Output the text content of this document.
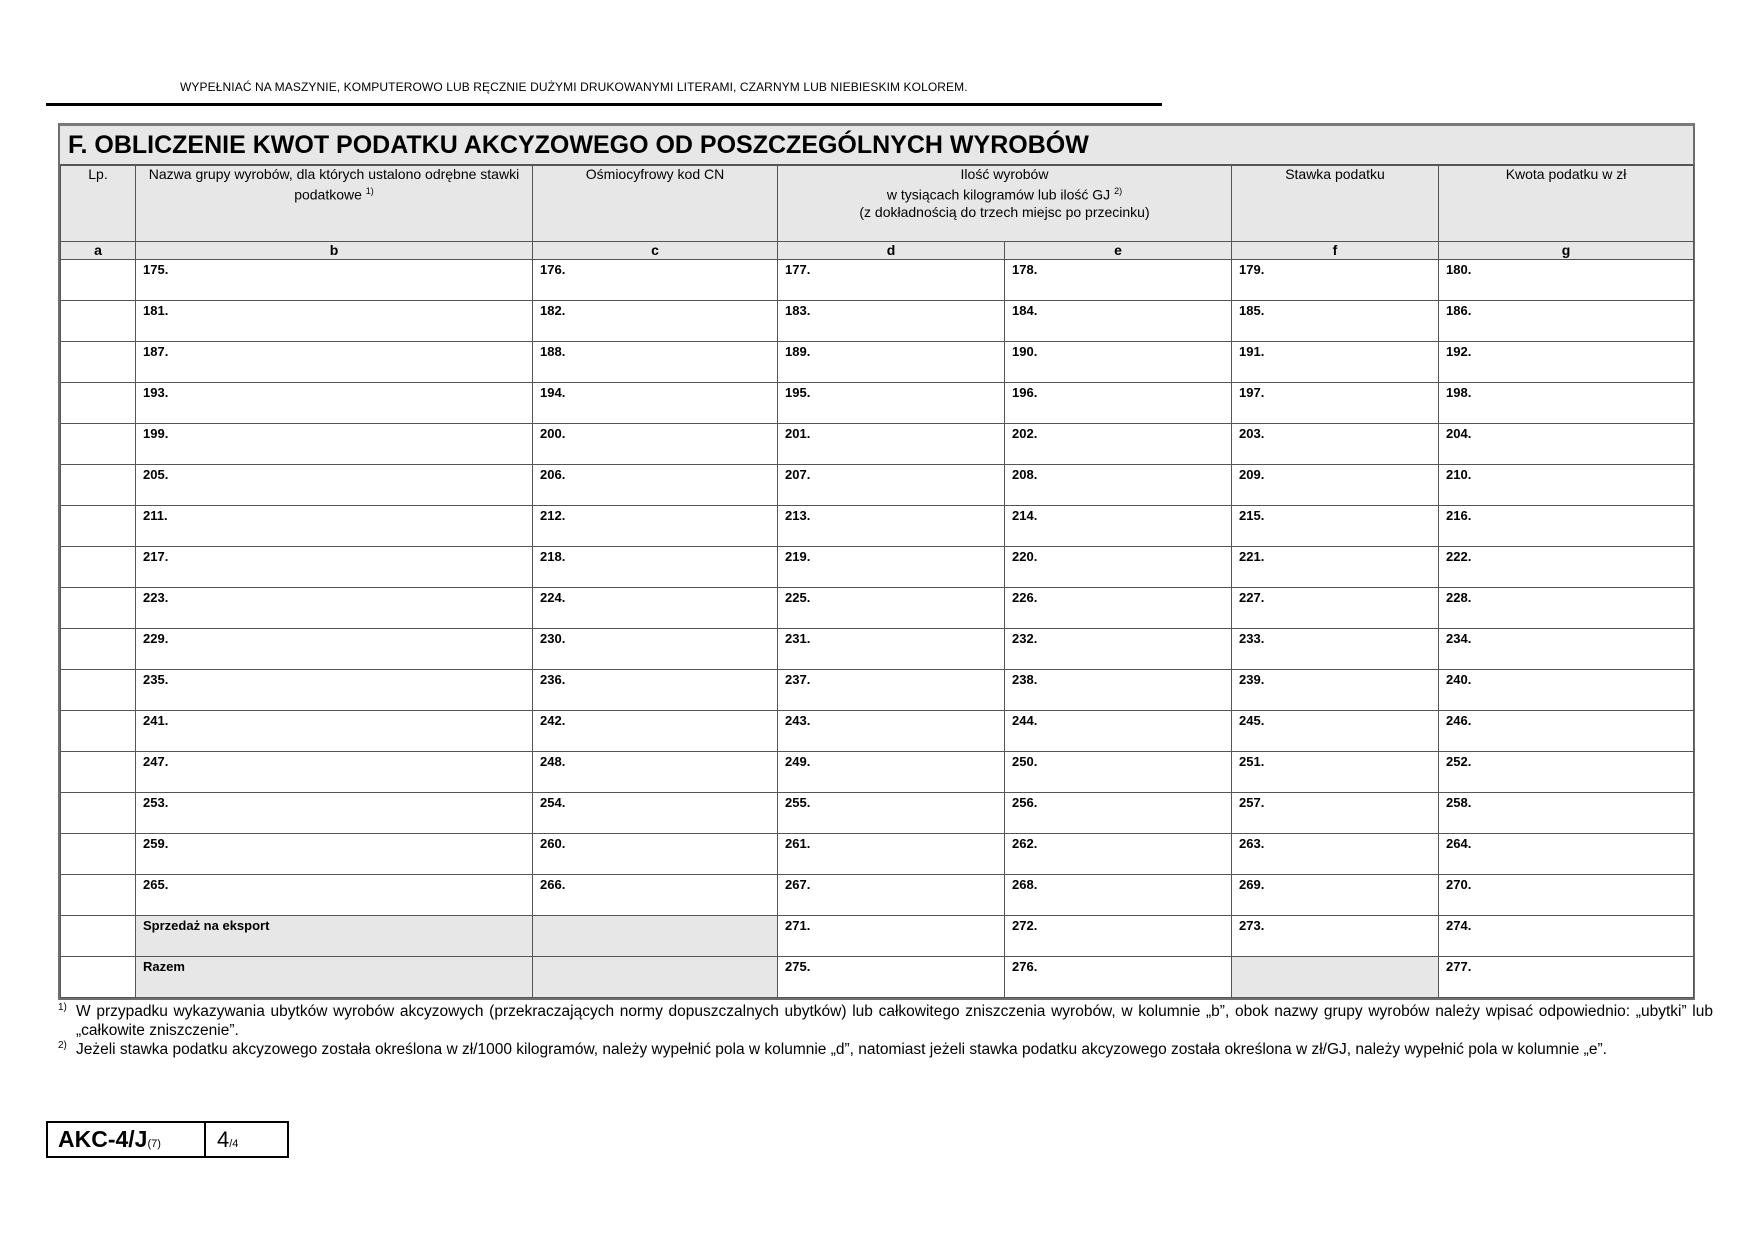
WYPEŁNIAĆ NA MASZYNIE, KOMPUTEROWO LUB RĘCZNIE DUŻYMI DRUKOWANYMI LITERAMI, CZARNYM LUB NIEBIESKIM KOLOREM.
F. OBLICZENIE KWOT PODATKU AKCYZOWEGO OD POSZCZEGÓLNYCH WYROBÓW
Lp.	Nazwa grupy wyrobów, dla których ustalono odrębne stawki podatkowe $^{1)}$	Ośmiocyfrowy kod CN	Ilość wyrobów
w tysiącach kilogramów lub ilość GJ $^{2)}$
(z dokładnością do trzech miejsc po przecinku)		Stawka podatku	Kwota podatku w zł
a	b	c	d	e	f	g

	175.	176.	177.	178.	179.	180.

	181.	182.	183.	184.	185.	186.

	187.	188.	189.	190.	191.	192.

	193.	194.	195.	196.	197.	198.

	199.	200.	201.	202.	203.	204.

	205.	206.	207.	208.	209.	210.

	211.	212.	213.	214.	215.	216.

	217.	218.	219.	220.	221.	222.

	223.	224.	225.	226.	227.	228.

	229.	230.	231.	232.	233.	234.

	235.	236.	237.	238.	239.	240.

	241.	242.	243.	244.	245.	246.

	247.	248.	249.	250.	251.	252.

	253.	254.	255.	256.	257.	258.

	259.	260.	261.	262.	263.	264.

	265.	266.	267.	268.	269.	270.

	Sprzedaż na eksport		271.	272.	273.	274.

	Razem		275.	276.		277.
1) W przypadku wykazywania ubytków wyrobów akcyzowych (przekraczających normy dopuszczalnych ubytków) lub całkowitego zniszczenia wyrobów, w kolumnie „b”, obok nazwy grupy wyrobów należy wpisać odpowiednio: „ubytki” lub „całkowite zniszczenie”.
2) Jeżeli stawka podatku akcyzowego została określona w zł/1000 kilogramów, należy wypełnić pola w kolumnie „d”, natomiast jeżeli stawka podatku akcyzowego została określona w zł/GJ, należy wypełnić pola w kolumnie „e”.
AKC-4/J(7)	4/4
